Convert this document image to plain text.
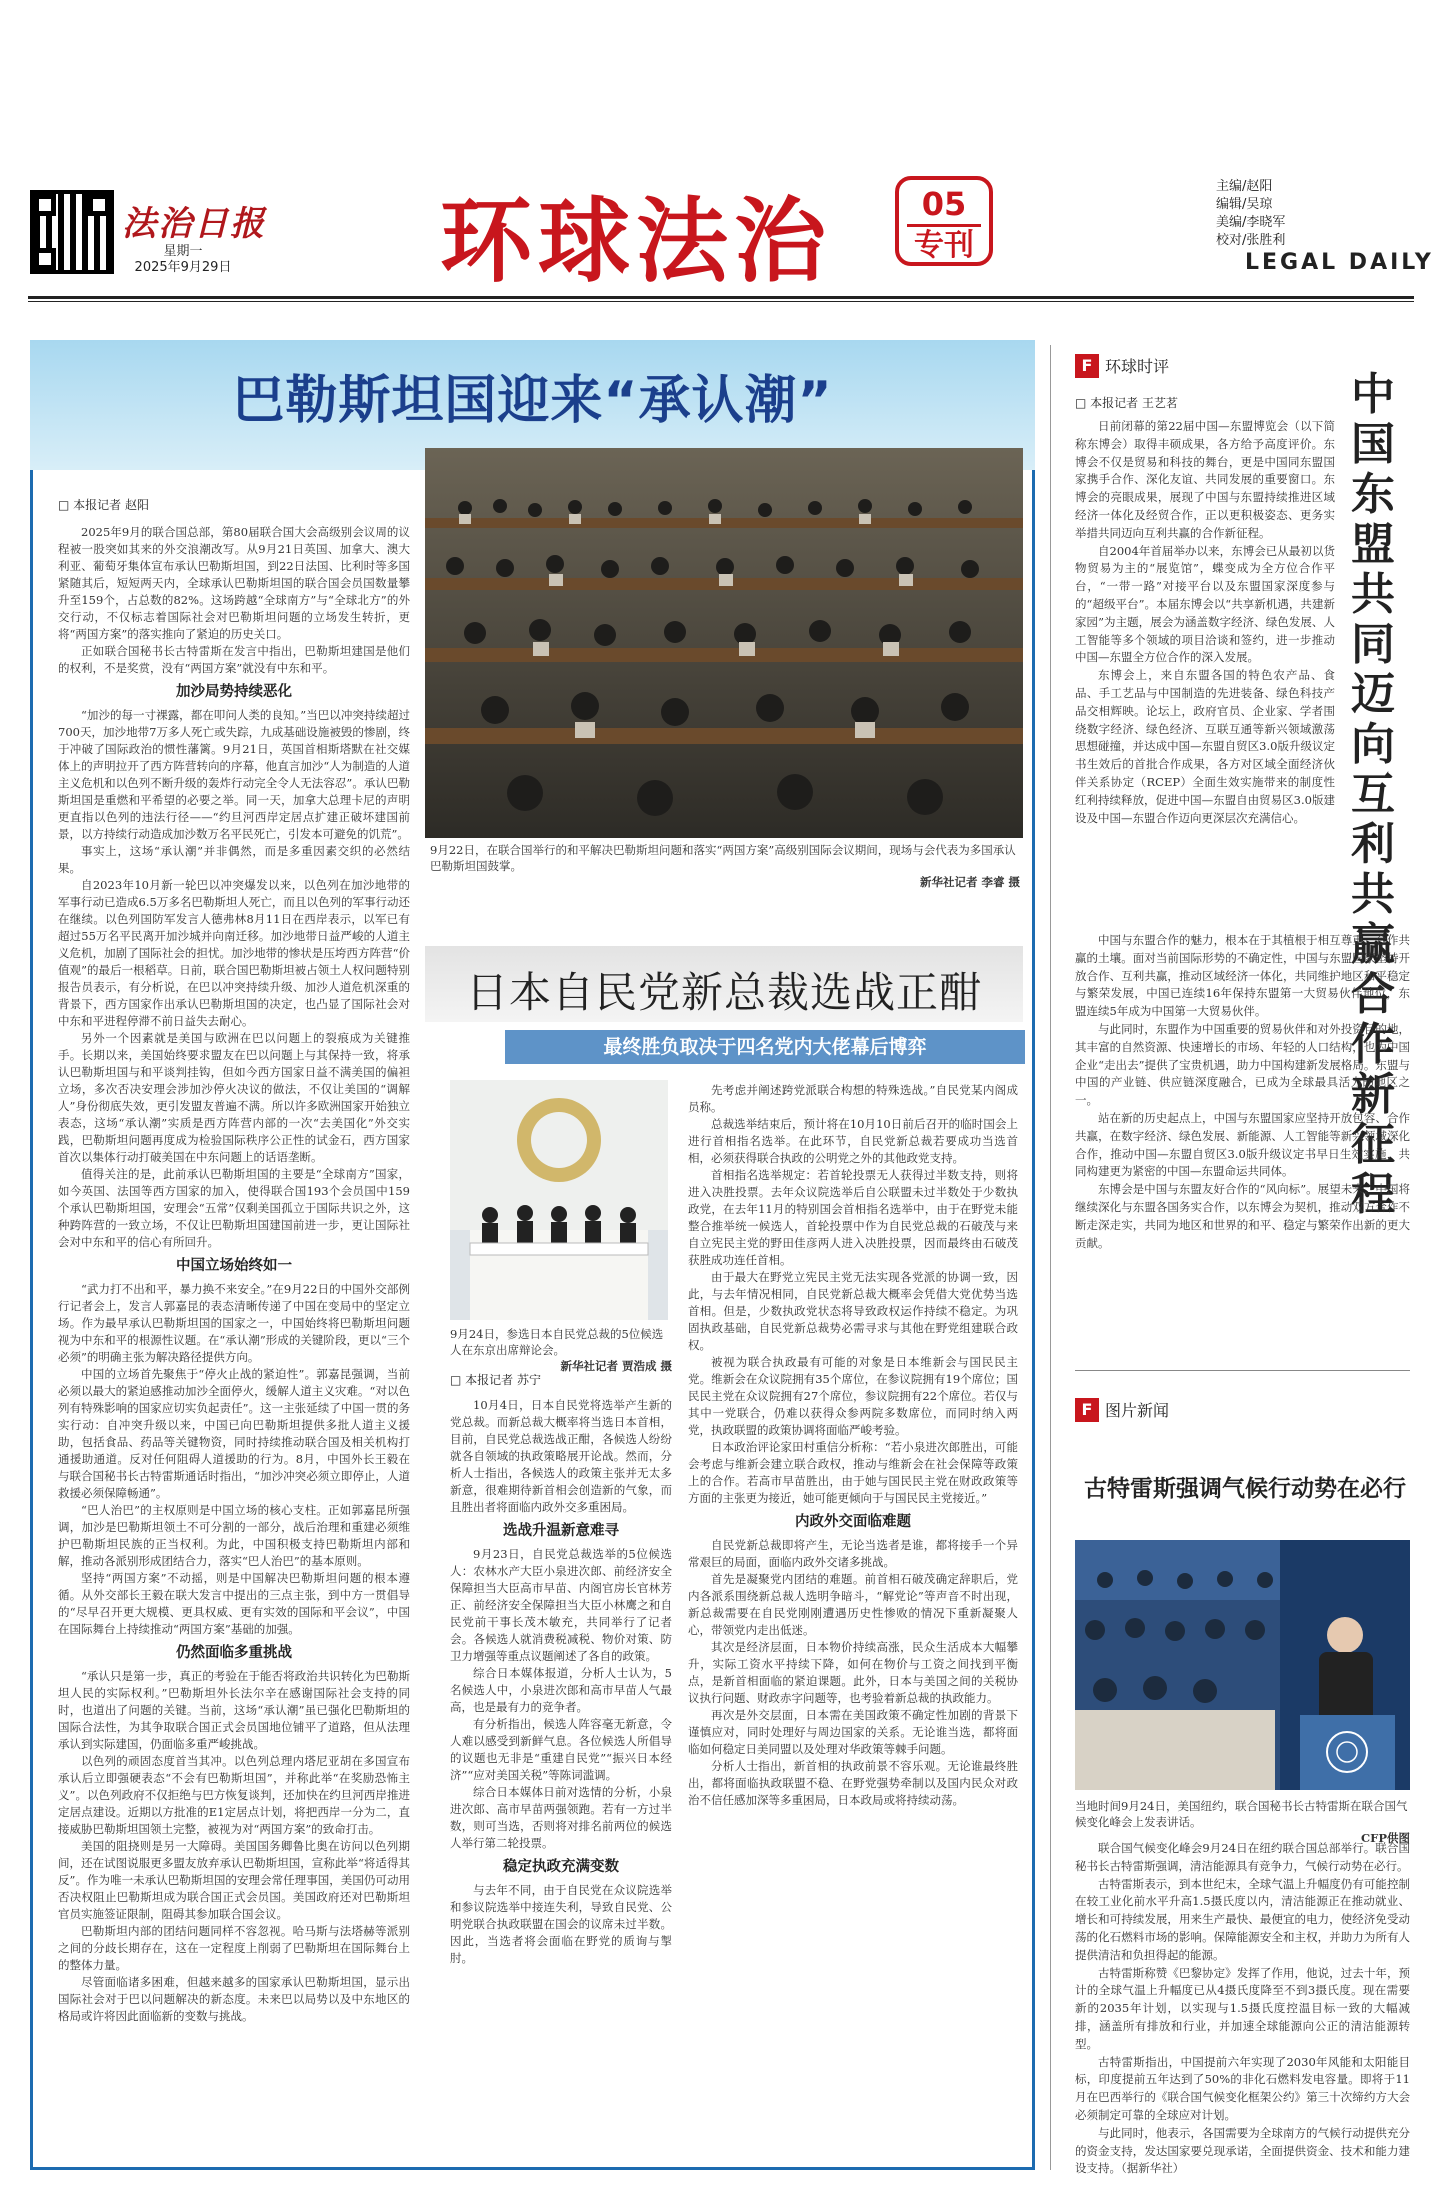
法治日报
星期一
2025年9月29日 环球法治	05
专刊
主编/赵阳
编辑/吴琼
美编/李晓军
校对/张胜利
LEGAL DAILY
巴勒斯坦国迎来“承认潮”
□ 本报记者 赵阳

2025年9月的联合国总部，第80届联合国大会高级别会议周的议程被一股突如其来的外交浪潮改写。从9月21日英国、加拿大、澳大利亚、葡萄牙集体宣布承认巴勒斯坦国，到22日法国、比利时等多国紧随其后，短短两天内，全球承认巴勒斯坦国的联合国会员国数量攀升至159个，占总数的82%。这场跨越“全球南方”与“全球北方”的外交行动，不仅标志着国际社会对巴勒斯坦问题的立场发生转折，更将“两国方案”的落实推向了紧迫的历史关口。

正如联合国秘书长古特雷斯在发言中指出，巴勒斯坦建国是他们的权利，不是奖赏，没有“两国方案”就没有中东和平。

加沙局势持续恶化

“加沙的每一寸裸露，都在叩问人类的良知。”当巴以冲突持续超过700天，加沙地带7万多人死亡或失踪，九成基础设施被毁的惨剧，终于冲破了国际政治的惯性藩篱。9月21日，英国首相斯塔默在社交媒体上的声明拉开了西方阵营转向的序幕，他直言加沙“人为制造的人道主义危机和以色列不断升级的轰炸行动完全令人无法容忍”。承认巴勒斯坦国是重燃和平希望的必要之举。同一天，加拿大总理卡尼的声明更直指以色列的违法行径——“约旦河西岸定居点扩建正破坏建国前景，以方持续行动造成加沙数万名平民死亡，引发本可避免的饥荒”。

事实上，这场“承认潮”并非偶然，而是多重因素交织的必然结果。

自2023年10月新一轮巴以冲突爆发以来，以色列在加沙地带的军事行动已造成6.5万多名巴勒斯坦人死亡，而且以色列的军事行动还在继续。以色列国防军发言人德弗林8月11日在西岸表示，以军已有超过55万名平民离开加沙城并向南迁移。加沙地带日益严峻的人道主义危机，加剧了国际社会的担忧。加沙地带的惨状是压垮西方阵营“价值观”的最后一根稻草。日前，联合国巴勒斯坦被占领土人权问题特别报告员表示，有分析说，在巴以冲突持续升级、加沙人道危机深重的背景下，西方国家作出承认巴勒斯坦国的决定，也凸显了国际社会对中东和平进程停滞不前日益失去耐心。

另外一个因素就是美国与欧洲在巴以问题上的裂痕成为关键推手。长期以来，美国始终要求盟友在巴以问题上与其保持一致，将承认巴勒斯坦国与和平谈判挂钩，但如今西方国家日益不满美国的偏袒立场，多次否决安理会涉加沙停火决议的做法，不仅让美国的“调解人”身份彻底失效，更引发盟友普遍不满。所以许多欧洲国家开始独立表态，这场“承认潮”实质是西方阵营内部的一次“去美国化”外交实践，巴勒斯坦问题再度成为检验国际秩序公正性的试金石，西方国家首次以集体行动打破美国在中东问题上的话语垄断。

值得关注的是，此前承认巴勒斯坦国的主要是“全球南方”国家，如今英国、法国等西方国家的加入，使得联合国193个会员国中159个承认巴勒斯坦国，安理会“五常”仅剩美国孤立于国际共识之外，这种跨阵营的一致立场，不仅让巴勒斯坦国建国前进一步，更让国际社会对中东和平的信心有所回升。

中国立场始终如一

“武力打不出和平，暴力换不来安全。”在9月22日的中国外交部例行记者会上，发言人郭嘉昆的表态清晰传递了中国在变局中的坚定立场。作为最早承认巴勒斯坦国的国家之一，中国始终将巴勒斯坦问题视为中东和平的根源性议题。在“承认潮”形成的关键阶段，更以“三个必须”的明确主张为解决路径提供方向。

中国的立场首先聚焦于“停火止战的紧迫性”。郭嘉昆强调，当前必须以最大的紧迫感推动加沙全面停火，缓解人道主义灾难。“对以色列有特殊影响的国家应切实负起责任”。这一主张延续了中国一贯的务实行动：自冲突升级以来，中国已向巴勒斯坦提供多批人道主义援助，包括食品、药品等关键物资，同时持续推动联合国及相关机构打通援助通道。反对任何阻碍人道援助的行为。8月，中国外长王毅在与联合国秘书长古特雷斯通话时指出，“加沙冲突必须立即停止，人道救援必须保障畅通”。

“巴人治巴”的主权原则是中国立场的核心支柱。正如郭嘉昆所强调，加沙是巴勒斯坦领土不可分割的一部分，战后治理和重建必须维护巴勒斯坦民族的正当权利。为此，中国积极支持巴勒斯坦内部和解，推动各派别形成团结合力，落实“巴人治巴”的基本原则。

坚持“两国方案”不动摇，则是中国解决巴勒斯坦问题的根本遵循。从外交部长王毅在联大发言中提出的三点主张，到中方一贯倡导的“尽早召开更大规模、更具权威、更有实效的国际和平会议”，中国在国际舞台上持续推动“两国方案”基础的加强。

仍然面临多重挑战

“承认只是第一步，真正的考验在于能否将政治共识转化为巴勒斯坦人民的实际权利。”巴勒斯坦外长法尔辛在感谢国际社会支持的同时，也道出了问题的关键。当前，这场“承认潮”虽已强化巴勒斯坦的国际合法性，为其争取联合国正式会员国地位铺平了道路，但从法理承认到实际建国，仍面临多重严峻挑战。

以色列的顽固态度首当其冲。以色列总理内塔尼亚胡在多国宣布承认后立即强硬表态“不会有巴勒斯坦国”，并称此举“在奖励恐怖主义”。以色列政府不仅拒绝与巴方恢复谈判，还加快在约旦河西岸推进定居点建设。近期以方批准的E1定居点计划，将把西岸一分为二，直接威胁巴勒斯坦国领土完整，被视为对“两国方案”的致命打击。

美国的阻挠则是另一大障碍。美国国务卿鲁比奥在访问以色列期间，还在试图说服更多盟友放弃承认巴勒斯坦国，宣称此举“将适得其反”。作为唯一未承认巴勒斯坦国的安理会常任理事国，美国仍可动用否决权阻止巴勒斯坦成为联合国正式会员国。美国政府还对巴勒斯坦官员实施签证限制，阻碍其参加联合国会议。

巴勒斯坦内部的团结问题同样不容忽视。哈马斯与法塔赫等派别之间的分歧长期存在，这在一定程度上削弱了巴勒斯坦在国际舞台上的整体力量。

尽管面临诸多困难，但越来越多的国家承认巴勒斯坦国，显示出国际社会对于巴以问题解决的新态度。未来巴以局势以及中东地区的格局或许将因此面临新的变数与挑战。

9月22日，在联合国举行的和平解决巴勒斯坦问题和落实“两国方案”高级别国际会议期间，现场与会代表为多国承认巴勒斯坦国鼓掌。
新华社记者 李睿 摄
日本自民党新总裁选战正酣
最终胜负取决于四名党内大佬幕后博弈
9月24日，参选日本自民党总裁的5位候选人在东京出席辩论会。
新华社记者 贾浩成 摄
□ 本报记者 苏宁

10月4日，日本自民党将选举产生新的党总裁。而新总裁大概率将当选日本首相，目前，自民党总裁选战正酣，各候选人纷纷就各自领域的执政策略展开论战。然而，分析人士指出，各候选人的政策主张并无太多新意，很难期待新首相会创造新的气象，而且胜出者将面临内政外交多重困局。

选战升温新意难寻

9月23日，自民党总裁选举的5位候选人：农林水产大臣小泉进次郎、前经济安全保障担当大臣高市早苗、内阁官房长官林芳正、前经济安全保障担当大臣小林鹰之和自民党前干事长茂木敏充，共同举行了记者会。各候选人就消费税减税、物价对策、防卫力增强等重点议题阐述了各自的政策。

综合日本媒体报道，分析人士认为，5名候选人中，小泉进次郎和高市早苗人气最高，也是最有力的竞争者。

有分析指出，候选人阵容毫无新意，令人难以感受到新鲜气息。各位候选人所倡导的议题也无非是“重建自民党”“振兴日本经济”“应对美国关税”等陈词滥调。

综合日本媒体日前对选情的分析，小泉进次郎、高市早苗两强领跑。若有一方过半数，则可当选，否则将对排名前两位的候选人举行第二轮投票。

稳定执政充满变数

与去年不同，由于自民党在众议院选举和参议院选举中接连失利，导致自民党、公明党联合执政联盟在国会的议席未过半数。因此，当选者将会面临在野党的质询与掣肘。

先考虑并阐述跨党派联合构想的特殊选战。”自民党某内阁成员称。

总裁选举结束后，预计将在10月10日前后召开的临时国会上进行首相指名选举。在此环节，自民党新总裁若要成功当选首相，必须获得联合执政的公明党之外的其他政党支持。

首相指名选举规定：若首轮投票无人获得过半数支持，则将进入决胜投票。去年众议院选举后自公联盟未过半数处于少数执政党，在去年11月的特别国会首相指名选举中，由于在野党未能整合推举统一候选人，首轮投票中作为自民党总裁的石破茂与来自立宪民主党的野田佳彦两人进入决胜投票，因而最终由石破茂获胜成功连任首相。

由于最大在野党立宪民主党无法实现各党派的协调一致，因此，与去年情况相同，自民党新总裁大概率会凭借大党优势当选首相。但是，少数执政党状态将导致政权运作持续不稳定。为巩固执政基础，自民党新总裁势必需寻求与其他在野党组建联合政权。

被视为联合执政最有可能的对象是日本维新会与国民民主党。维新会在众议院拥有35个席位，在参议院拥有19个席位；国民民主党在众议院拥有27个席位，参议院拥有22个席位。若仅与其中一党联合，仍难以获得众参两院多数席位，而同时纳入两党，执政联盟的政策协调将面临严峻考验。

日本政治评论家田村重信分析称：“若小泉进次郎胜出，可能会考虑与维新会建立联合政权，推动与维新会在社会保障等政策上的合作。若高市早苗胜出，由于她与国民民主党在财政政策等方面的主张更为接近，她可能更倾向于与国民民主党接近。”

内政外交面临难题

自民党新总裁即将产生，无论当选者是谁，都将接手一个异常艰巨的局面，面临内政外交诸多挑战。

首先是凝聚党内团结的难题。前首相石破茂确定辞职后，党内各派系围绕新总裁人选明争暗斗，“解党论”等声音不时出现，新总裁需要在自民党刚刚遭遇历史性惨败的情况下重新凝聚人心，带领党内走出低迷。

其次是经济层面，日本物价持续高涨，民众生活成本大幅攀升，实际工资水平持续下降，如何在物价与工资之间找到平衡点，是新首相面临的紧迫课题。此外，日本与美国之间的关税协议执行问题、财政赤字问题等，也考验着新总裁的执政能力。

再次是外交层面，日本需在美国政策不确定性加剧的背景下谨慎应对，同时处理好与周边国家的关系。无论谁当选，都将面临如何稳定日美同盟以及处理对华政策等棘手问题。

分析人士指出，新首相的执政前景不容乐观。无论谁最终胜出，都将面临执政联盟不稳、在野党强势牵制以及国内民众对政治不信任感加深等多重困局，日本政局或将持续动荡。

F 环球时评
□ 本报记者 王艺茗	中国东盟共同迈向互利共赢合作新征程

日前闭幕的第22届中国—东盟博览会（以下简称东博会）取得丰硕成果，各方给予高度评价。东博会不仅是贸易和科技的舞台，更是中国同东盟国家携手合作、深化友谊、共同发展的重要窗口。东博会的亮眼成果，展现了中国与东盟持续推进区域经济一体化及经贸合作，正以更积极姿态、更务实举措共同迈向互利共赢的合作新征程。

自2004年首届举办以来，东博会已从最初以货物贸易为主的“展览馆”，蝶变成为全方位合作平台，“一带一路”对接平台以及东盟国家深度参与的“超级平台”。本届东博会以“共享新机遇，共建新家园”为主题，展会为涵盖数字经济、绿色发展、人工智能等多个领域的项目洽谈和签约，进一步推动中国—东盟全方位合作的深入发展。

东博会上，来自东盟各国的特色农产品、食品、手工艺品与中国制造的先进装备、绿色科技产品交相辉映。论坛上，政府官员、企业家、学者围绕数字经济、绿色经济、互联互通等新兴领域激荡思想碰撞，并达成中国—东盟自贸区3.0版升级议定书生效后的首批合作成果，各方对区域全面经济伙伴关系协定（RCEP）全面生效实施带来的制度性红利持续释放，促进中国—东盟自由贸易区3.0版建设及中国—东盟合作迈向更深层次充满信心。

中国与东盟合作的魅力，根本在于其植根于相互尊重、合作共赢的土壤。面对当前国际形势的不确定性，中国与东盟国家坚持开放合作、互利共赢，推动区域经济一体化，共同维护地区和平稳定与繁荣发展，中国已连续16年保持东盟第一大贸易伙伴地位，东盟连续5年成为中国第一大贸易伙伴。

与此同时，东盟作为中国重要的贸易伙伴和对外投资目的地，其丰富的自然资源、快速增长的市场、年轻的人口结构，也为中国企业“走出去”提供了宝贵机遇，助力中国构建新发展格局。东盟与中国的产业链、供应链深度融合，已成为全球最具活力的地区之一。

站在新的历史起点上，中国与东盟国家应坚持开放包容、合作共赢，在数字经济、绿色发展、新能源、人工智能等新兴领域深化合作，推动中国—东盟自贸区3.0版升级议定书早日生效实施，共同构建更为紧密的中国—东盟命运共同体。

东博会是中国与东盟友好合作的“风向标”。展望未来，中国将继续深化与东盟各国务实合作，以东博会为契机，推动双方合作不断走深走实，共同为地区和世界的和平、稳定与繁荣作出新的更大贡献。

F 图片新闻
古特雷斯强调气候行动势在必行
当地时间9月24日，美国纽约，联合国秘书长古特雷斯在联合国气候变化峰会上发表讲话。
CFP供图

联合国气候变化峰会9月24日在纽约联合国总部举行。联合国秘书长古特雷斯强调，清洁能源具有竞争力，气候行动势在必行。

古特雷斯表示，到本世纪末，全球气温上升幅度仍有可能控制在较工业化前水平升高1.5摄氏度以内，清洁能源正在推动就业、增长和可持续发展，用来生产最快、最便宜的电力，使经济免受动荡的化石燃料市场的影响。保障能源安全和主权，并助力为所有人提供清洁和负担得起的能源。

古特雷斯称赞《巴黎协定》发挥了作用，他说，过去十年，预计的全球气温上升幅度已从4摄氏度降至不到3摄氏度。现在需要新的2035年计划，以实现与1.5摄氏度控温目标一致的大幅减排，涵盖所有排放和行业，并加速全球能源向公正的清洁能源转型。

古特雷斯指出，中国提前六年实现了2030年风能和太阳能目标，印度提前五年达到了50%的非化石燃料发电容量。即将于11月在巴西举行的《联合国气候变化框架公约》第三十次缔约方大会必须制定可靠的全球应对计划。

与此同时，他表示，各国需要为全球南方的气候行动提供充分的资金支持，发达国家要兑现承诺，全面提供资金、技术和能力建设支持。（据新华社）
